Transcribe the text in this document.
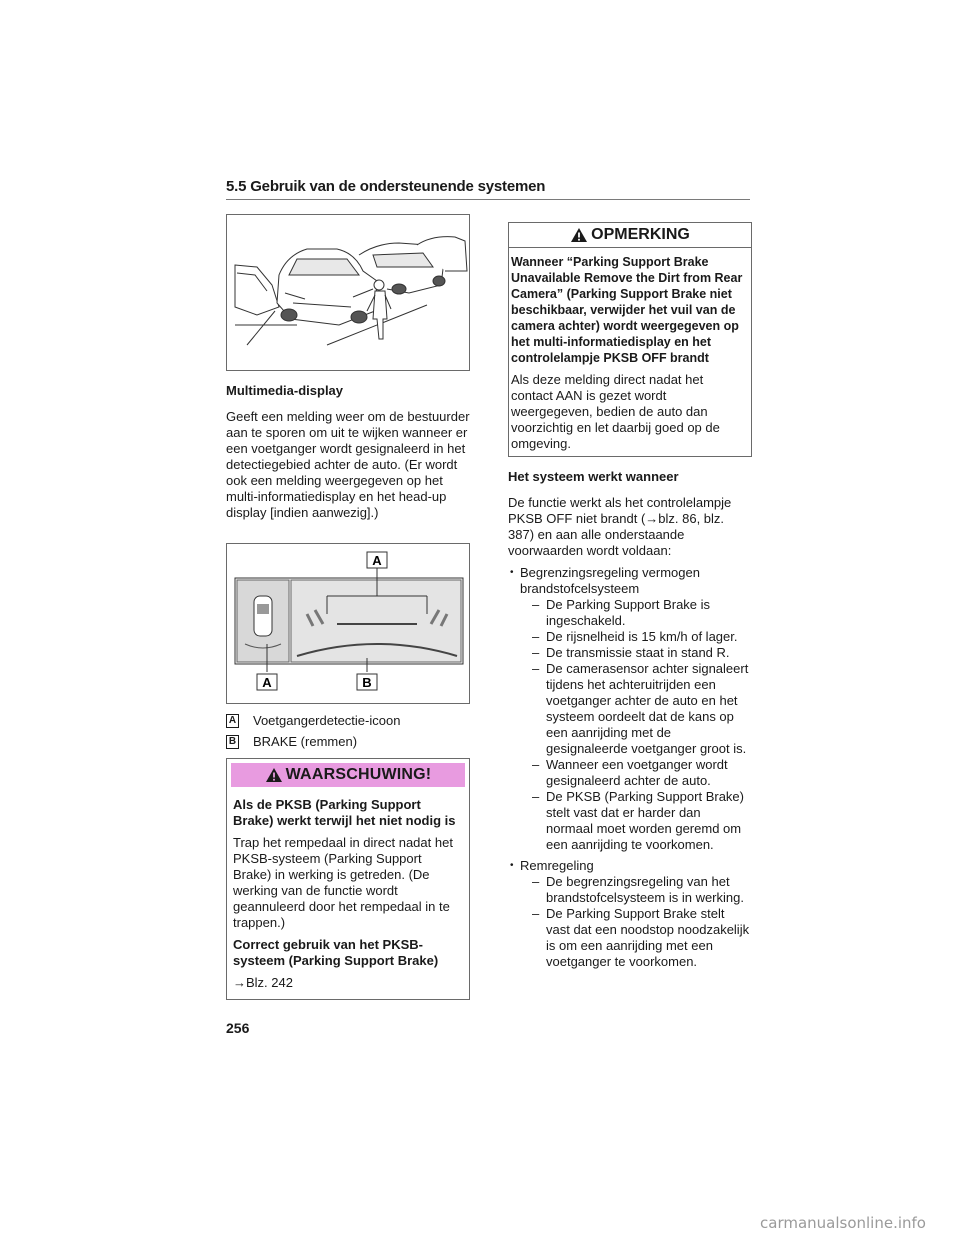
5.5 Gebruik van de ondersteunende systemen

Multimedia-display

Geeft een melding weer om de bestuurder aan te sporen om uit te wijken wanneer er een voetganger wordt gesignaleerd in het detectiegebied achter de auto. (Er wordt ook een melding weergegeven op het multi-informatiedisplay en het head-up display [indien aanwezig].)

A
A	B
A Voetgangerdetectie-icoon
B BRAKE (remmen)
WAARSCHUWING!

Als de PKSB (Parking Support Brake) werkt terwijl het niet nodig is

Trap het rempedaal in direct nadat het PKSB-systeem (Parking Support Brake) in werking is getreden. (De werking van de functie wordt geannuleerd door het rempedaal in te trappen.)

Correct gebruik van het PKSB-systeem (Parking Support Brake)

→Blz. 242

OPMERKING

Wanneer “Parking Support Brake Unavailable Remove the Dirt from Rear Camera” (Parking Support Brake niet beschikbaar, verwijder het vuil van de camera achter) wordt weergegeven op het multi-informatiedisplay en het controlelampje PKSB OFF brandt

Als deze melding direct nadat het contact AAN is gezet wordt weergegeven, bedien de auto dan voorzichtig en let daarbij goed op de omgeving.

Het systeem werkt wanneer

De functie werkt als het controlelampje PKSB OFF niet brandt (→blz. 86, blz. 387) en aan alle onderstaande voorwaarden wordt voldaan:

• Begrenzingsregeling vermogen brandstofcelsysteem
– De Parking Support Brake is ingeschakeld.
– De rijsnelheid is 15 km/h of lager.
– De transmissie staat in stand R.
– De camerasensor achter signaleert tijdens het achteruitrijden een voetganger achter de auto en het systeem oordeelt dat de kans op een aanrijding met de gesignaleerde voetganger groot is.
– Wanneer een voetganger wordt gesignaleerd achter de auto.
– De PKSB (Parking Support Brake) stelt vast dat er harder dan normaal moet worden geremd om een aanrijding te voorkomen.
• Remregeling
– De begrenzingsregeling van het brandstofcelsysteem is in werking.
– De Parking Support Brake stelt vast dat een noodstop noodzakelijk is om een aanrijding met een voetganger te voorkomen.
256
carmanualsonline.info
